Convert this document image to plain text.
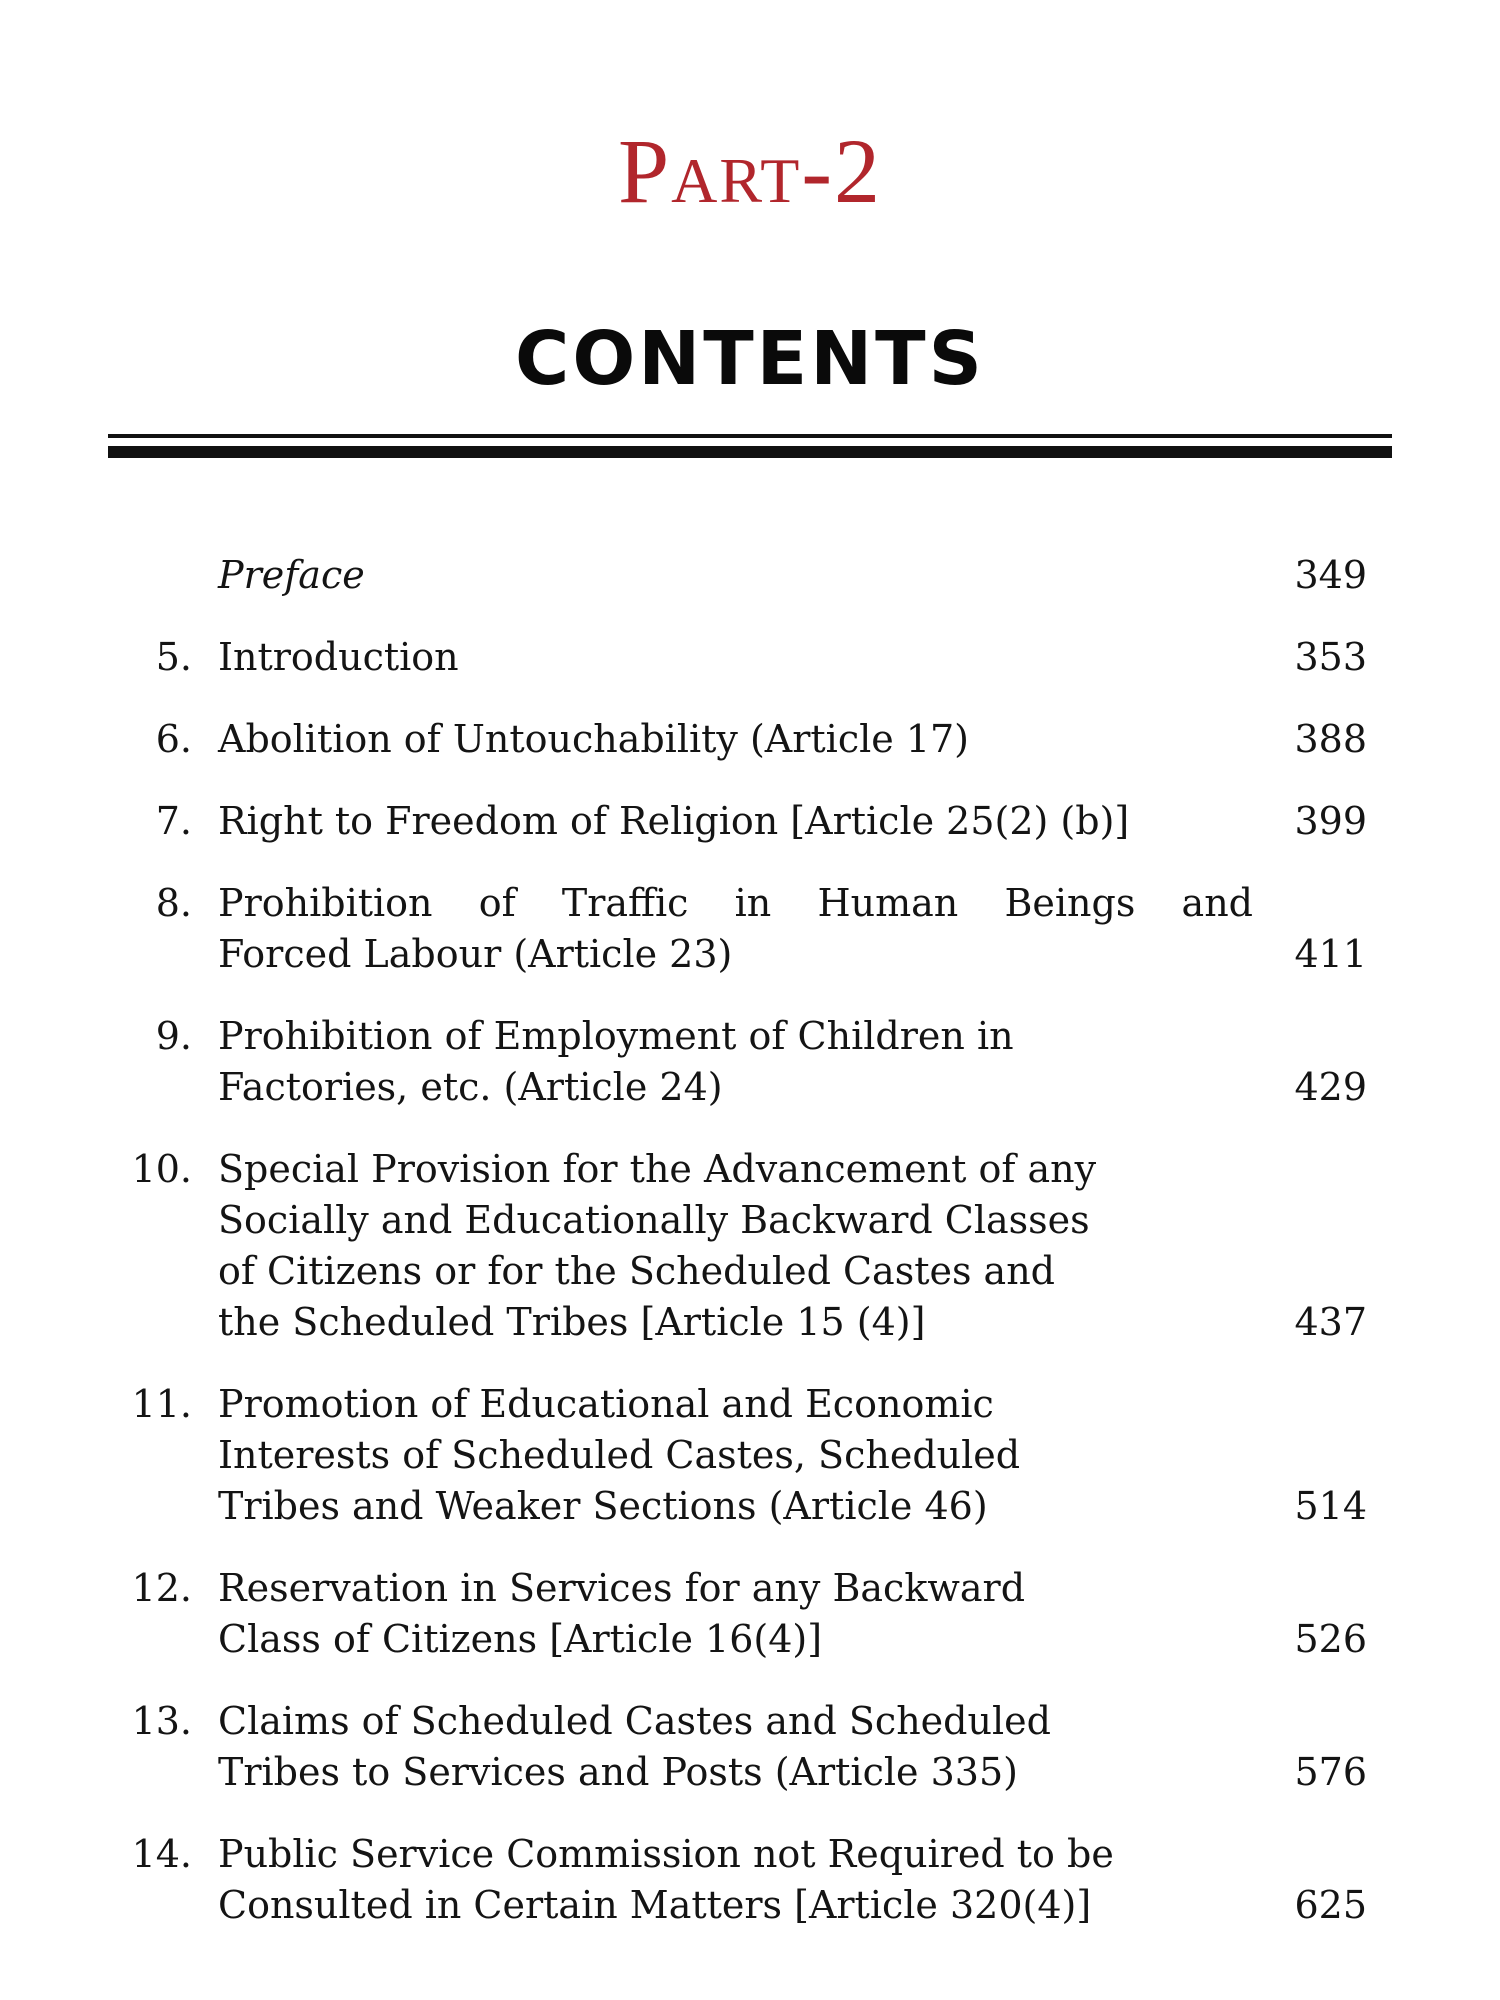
Part-2
CONTENTS
Preface	349
5. Introduction	353
6. Abolition of Untouchability (Article 17)	388
7. Right to Freedom of Religion [Article 25(2) (b)]	399
8. Prohibition of Traffic in Human Beings and
Forced Labour (Article 23)	411
9. Prohibition of Employment of Children in
Factories, etc. (Article 24)	429
10. Special Provision for the Advancement of any
Socially and Educationally Backward Classes
of Citizens or for the Scheduled Castes and
the Scheduled Tribes [Article 15 (4)]	437
11. Promotion of Educational and Economic
Interests of Scheduled Castes, Scheduled
Tribes and Weaker Sections (Article 46)	514
12. Reservation in Services for any Backward
Class of Citizens [Article 16(4)]	526
13. Claims of Scheduled Castes and Scheduled
Tribes to Services and Posts (Article 335)	576
14. Public Service Commission not Required to be
Consulted in Certain Matters [Article 320(4)]	625
